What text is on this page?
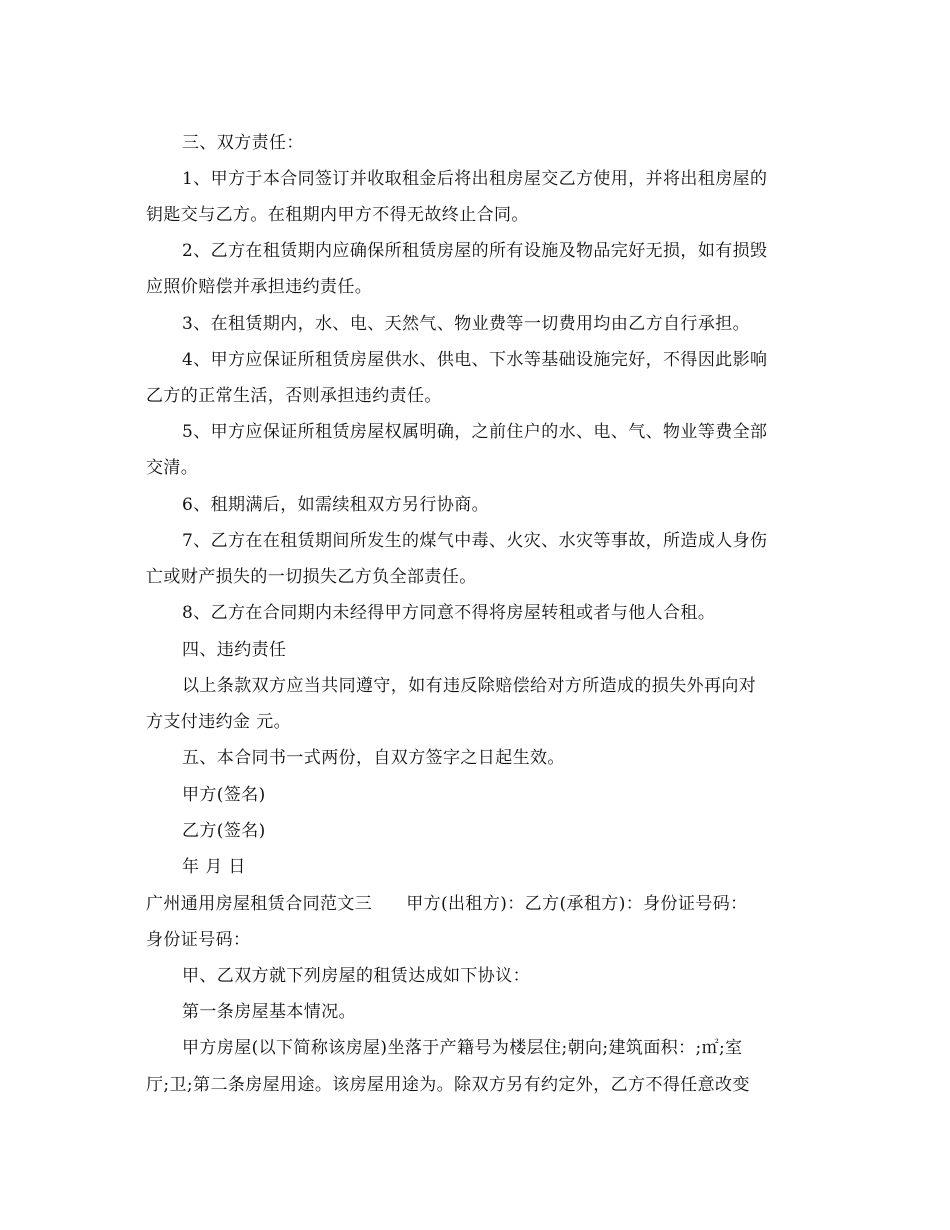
三、双方责任：
1、甲方于本合同签订并收取租金后将出租房屋交乙方使用，并将出租房屋的
钥匙交与乙方。在租期内甲方不得无故终止合同。
2、乙方在租赁期内应确保所租赁房屋的所有设施及物品完好无损，如有损毁
应照价赔偿并承担违约责任。
3、在租赁期内，水、电、天然气、物业费等一切费用均由乙方自行承担。
4、甲方应保证所租赁房屋供水、供电、下水等基础设施完好，不得因此影响
乙方的正常生活，否则承担违约责任。
5、甲方应保证所租赁房屋权属明确，之前住户的水、电、气、物业等费全部
交清。
6、租期满后，如需续租双方另行协商。
7、乙方在在租赁期间所发生的煤气中毒、火灾、水灾等事故，所造成人身伤
亡或财产损失的一切损失乙方负全部责任。
8、乙方在合同期内未经得甲方同意不得将房屋转租或者与他人合租。
四、违约责任
以上条款双方应当共同遵守，如有违反除赔偿给对方所造成的损失外再向对
方支付违约金 元。
五、本合同书一式两份，自双方签字之日起生效。
甲方(签名)
乙方(签名)
年 月 日
广州通用房屋租赁合同范文三 甲方(出租方)：乙方(承租方)：身份证号码：
身份证号码：
甲、乙双方就下列房屋的租赁达成如下协议：
第一条房屋基本情况。
甲方房屋(以下简称该房屋)坐落于产籍号为楼层住;朝向;建筑面积：;㎡;室
厅;卫;第二条房屋用途。该房屋用途为。除双方另有约定外，乙方不得任意改变
